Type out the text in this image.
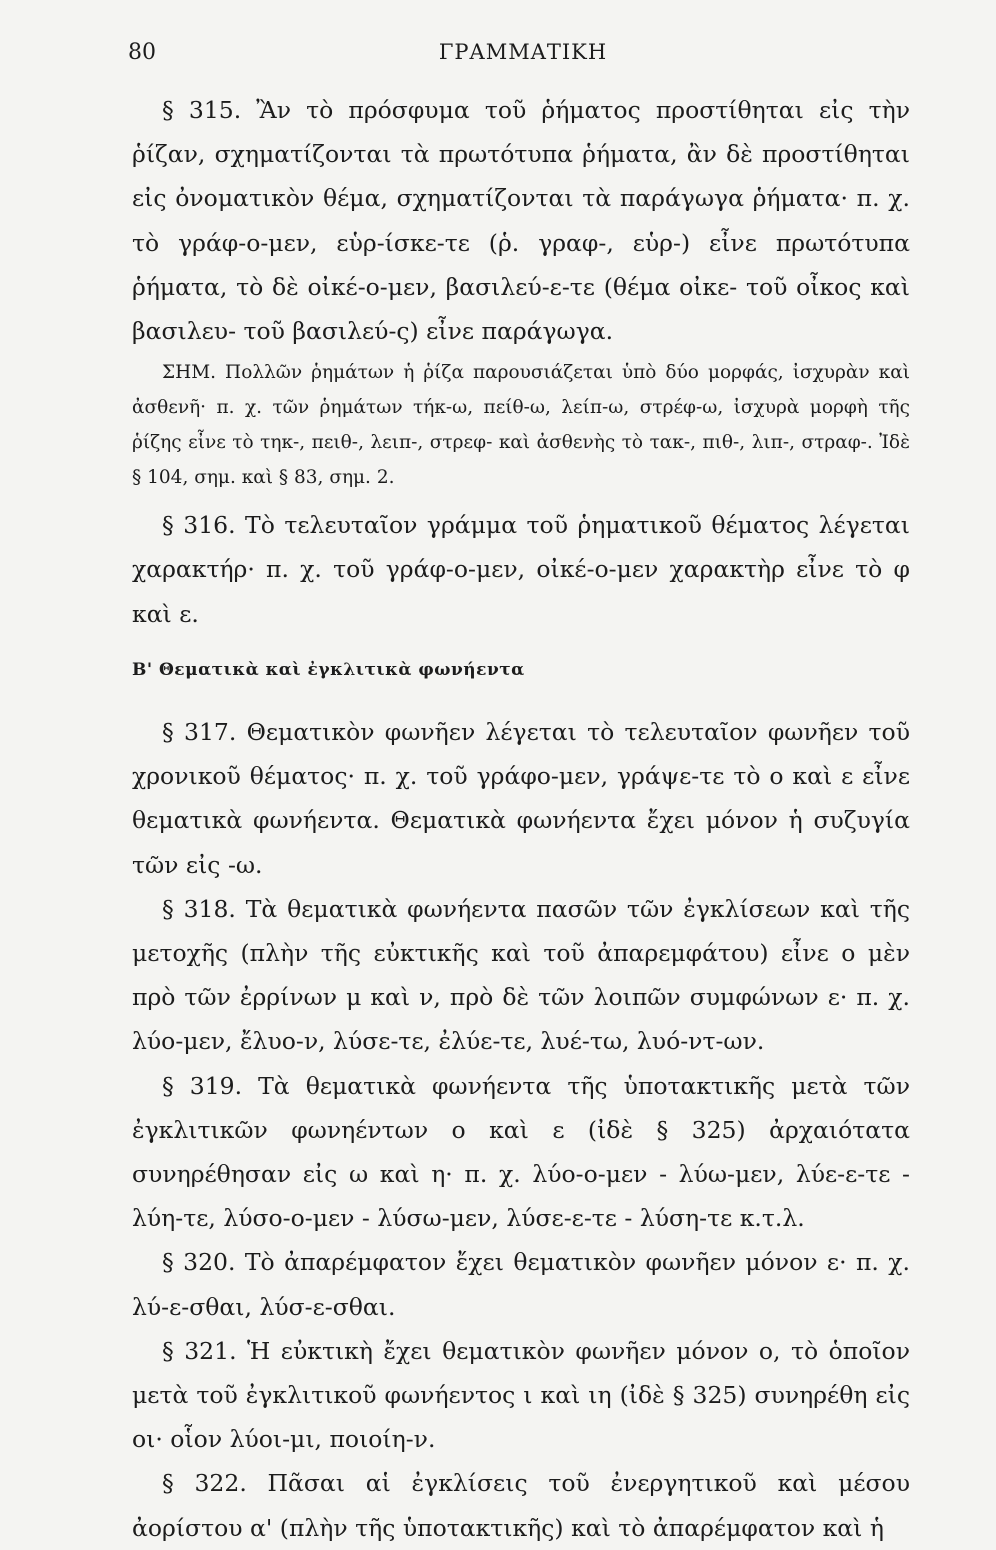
80	ΓΡΑΜΜΑΤΙΚΗ

§ 315. Ἂν τὸ πρόσφυμα τοῦ ῥήματος προστίθηται εἰς τὴν ῥίζαν, σχηματίζονται τὰ πρωτότυπα ῥήματα, ἂν δὲ προστίθηται εἰς ὀνοματικὸν θέμα, σχηματίζονται τὰ παράγωγα ῥήματα· π. χ. τὸ γράφ-ο-μεν, εὑρ-ίσκε-τε (ῥ. γραφ-, εὑρ-) εἶνε πρωτότυπα ῥήματα, τὸ δὲ οἰκέ-ο-μεν, βασιλεύ-ε-τε (θέμα οἰκε- τοῦ οἶκος καὶ βασιλευ- τοῦ βασιλεύ-ς) εἶνε παράγωγα.

ΣΗΜ. Πολλῶν ῥημάτων ἡ ῥίζα παρουσιάζεται ὑπὸ δύο μορφάς, ἰσχυρὰν καὶ ἀσθενῆ· π. χ. τῶν ῥημάτων τήκ-ω, πείθ-ω, λείπ-ω, στρέφ-ω, ἰσχυρὰ μορφὴ τῆς ῥίζης εἶνε τὸ τηκ-, πειθ-, λειπ-, στρεφ- καὶ ἀσθενὴς τὸ τακ-, πιθ-, λιπ-, στραφ-. Ἰδὲ § 104, σημ. καὶ § 83, σημ. 2.

§ 316. Τὸ τελευταῖον γράμμα τοῦ ῥηματικοῦ θέματος λέγεται χαρακτήρ· π. χ. τοῦ γράφ-ο-μεν, οἰκέ-ο-μεν χαρακτὴρ εἶνε τὸ φ καὶ ε.

Β' Θεματικὰ καὶ ἐγκλιτικὰ φωνήεντα

§ 317. Θεματικὸν φωνῆεν λέγεται τὸ τελευταῖον φωνῆεν τοῦ χρονικοῦ θέματος· π. χ. τοῦ γράφο-μεν, γράψε-τε τὸ ο καὶ ε εἶνε θεματικὰ φωνήεντα. Θεματικὰ φωνήεντα ἔχει μόνον ἡ συζυγία τῶν εἰς -ω.

§ 318. Τὰ θεματικὰ φωνήεντα πασῶν τῶν ἐγκλίσεων καὶ τῆς μετοχῆς (πλὴν τῆς εὐκτικῆς καὶ τοῦ ἀπαρεμφάτου) εἶνε ο μὲν πρὸ τῶν ἐρρίνων μ καὶ ν, πρὸ δὲ τῶν λοιπῶν συμφώνων ε· π. χ. λύο-μεν, ἔλυο-ν, λύσε-τε, ἐλύε-τε, λυέ-τω, λυό-ντ-ων.

§ 319. Τὰ θεματικὰ φωνήεντα τῆς ὑποτακτικῆς μετὰ τῶν ἐγκλιτικῶν φωνηέντων ο καὶ ε (ἰδὲ § 325) ἀρχαιότατα συνηρέθησαν εἰς ω καὶ η· π. χ. λύο-ο-μεν - λύω-μεν, λύε-ε-τε - λύη-τε, λύσο-ο-μεν - λύσω-μεν, λύσε-ε-τε - λύση-τε κ.τ.λ.

§ 320. Τὸ ἀπαρέμφατον ἔχει θεματικὸν φωνῆεν μόνον ε· π. χ. λύ-ε-σθαι, λύσ-ε-σθαι.

§ 321. Ἡ εὐκτικὴ ἔχει θεματικὸν φωνῆεν μόνον ο, τὸ ὁποῖον μετὰ τοῦ ἐγκλιτικοῦ φωνήεντος ι καὶ ιη (ἰδὲ § 325) συνηρέθη εἰς οι· οἷον λύοι-μι, ποιοίη-ν.

§ 322. Πᾶσαι αἱ ἐγκλίσεις τοῦ ἐνεργητικοῦ καὶ μέσου ἀορίστου α' (πλὴν τῆς ὑποτακτικῆς) καὶ τὸ ἀπαρέμφατον καὶ ἡ
